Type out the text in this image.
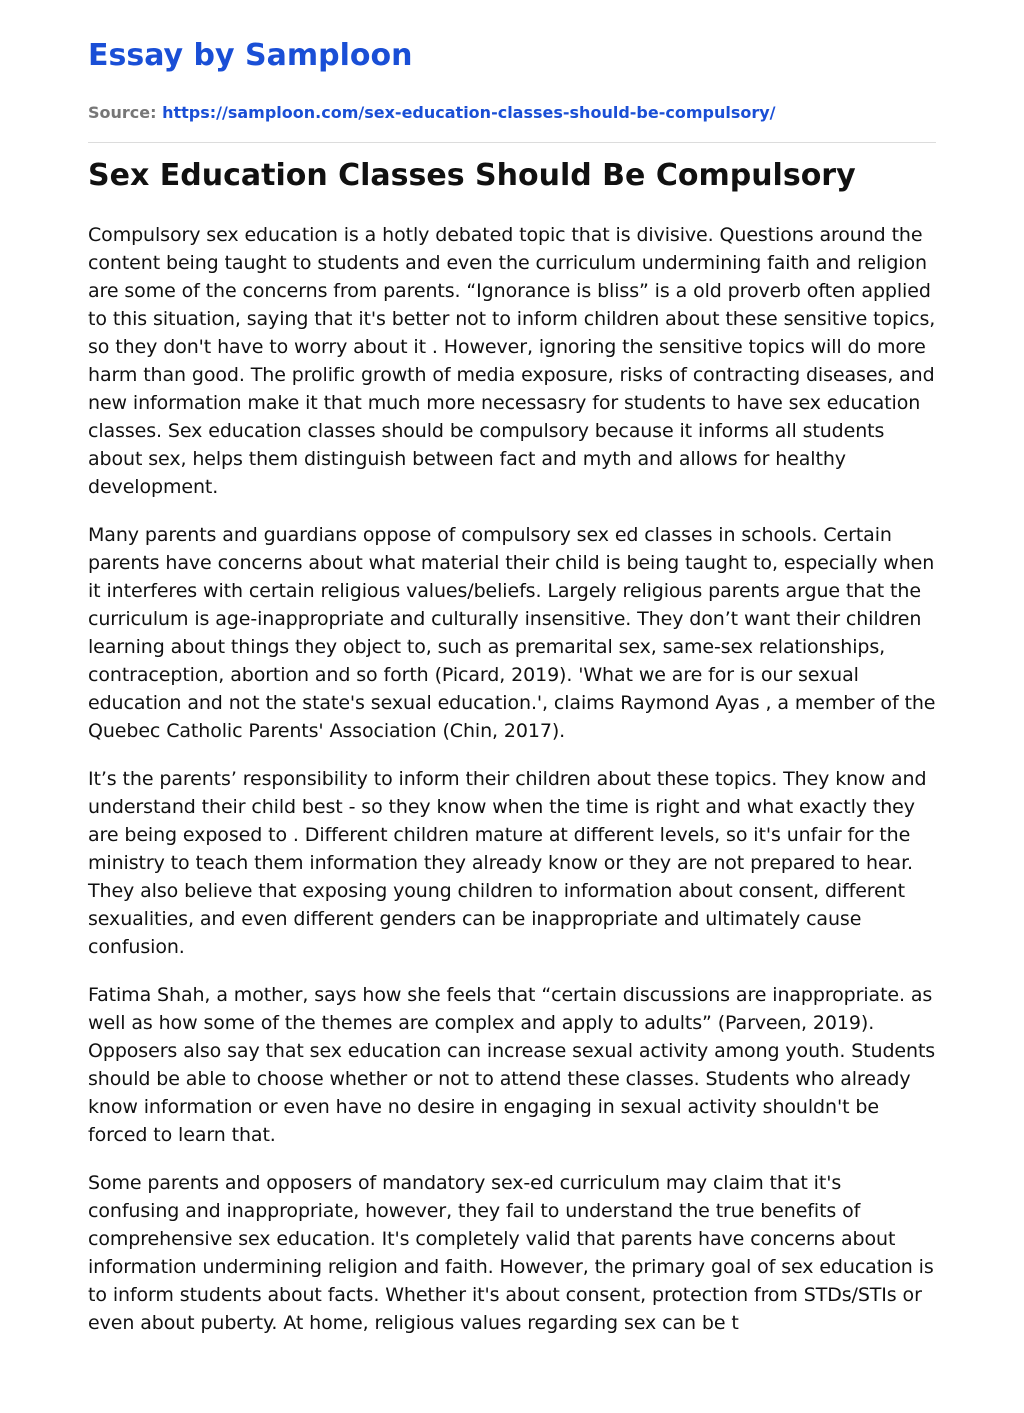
Essay by Samploon
Source: https://samploon.com/sex-education-classes-should-be-compulsory/
Sex Education Classes Should Be Compulsory

Compulsory sex education is a hotly debated topic that is divisive. Questions around the content being taught to students and even the curriculum undermining faith and religion are some of the concerns from parents. “Ignorance is bliss” is a old proverb often applied to this situation, saying that it's better not to inform children about these sensitive topics, so they don't have to worry about it . However, ignoring the sensitive topics will do more harm than good. The prolific growth of media exposure, risks of contracting diseases, and new information make it that much more necessasry for students to have sex education classes. Sex education classes should be compulsory because it informs all students about sex, helps them distinguish between fact and myth and allows for healthy development.

Many parents and guardians oppose of compulsory sex ed classes in schools. Certain parents have concerns about what material their child is being taught to, especially when it interferes with certain religious values/beliefs. Largely religious parents argue that the curriculum is age-inappropriate and culturally insensitive. They don’t want their children learning about things they object to, such as premarital sex, same-sex relationships, contraception, abortion and so forth (Picard, 2019). 'What we are for is our sexual education and not the state's sexual education.', claims Raymond Ayas , a member of the Quebec Catholic Parents' Association (Chin, 2017).

It’s the parents’ responsibility to inform their children about these topics. They know and understand their child best - so they know when the time is right and what exactly they are being exposed to . Different children mature at different levels, so it's unfair for the ministry to teach them information they already know or they are not prepared to hear. They also believe that exposing young children to information about consent, different sexualities, and even different genders can be inappropriate and ultimately cause confusion.

Fatima Shah, a mother, says how she feels that “certain discussions are inappropriate. as well as how some of the themes are complex and apply to adults” (Parveen, 2019). Opposers also say that sex education can increase sexual activity among youth. Students should be able to choose whether or not to attend these classes. Students who already know information or even have no desire in engaging in sexual activity shouldn't be forced to learn that.

Some parents and opposers of mandatory sex-ed curriculum may claim that it's confusing and inappropriate, however, they fail to understand the true benefits of comprehensive sex education. It's completely valid that parents have concerns about information undermining religion and faith. However, the primary goal of sex education is to inform students about facts. Whether it's about consent, protection from STDs/STIs or even about puberty. At home, religious values regarding sex can be t
